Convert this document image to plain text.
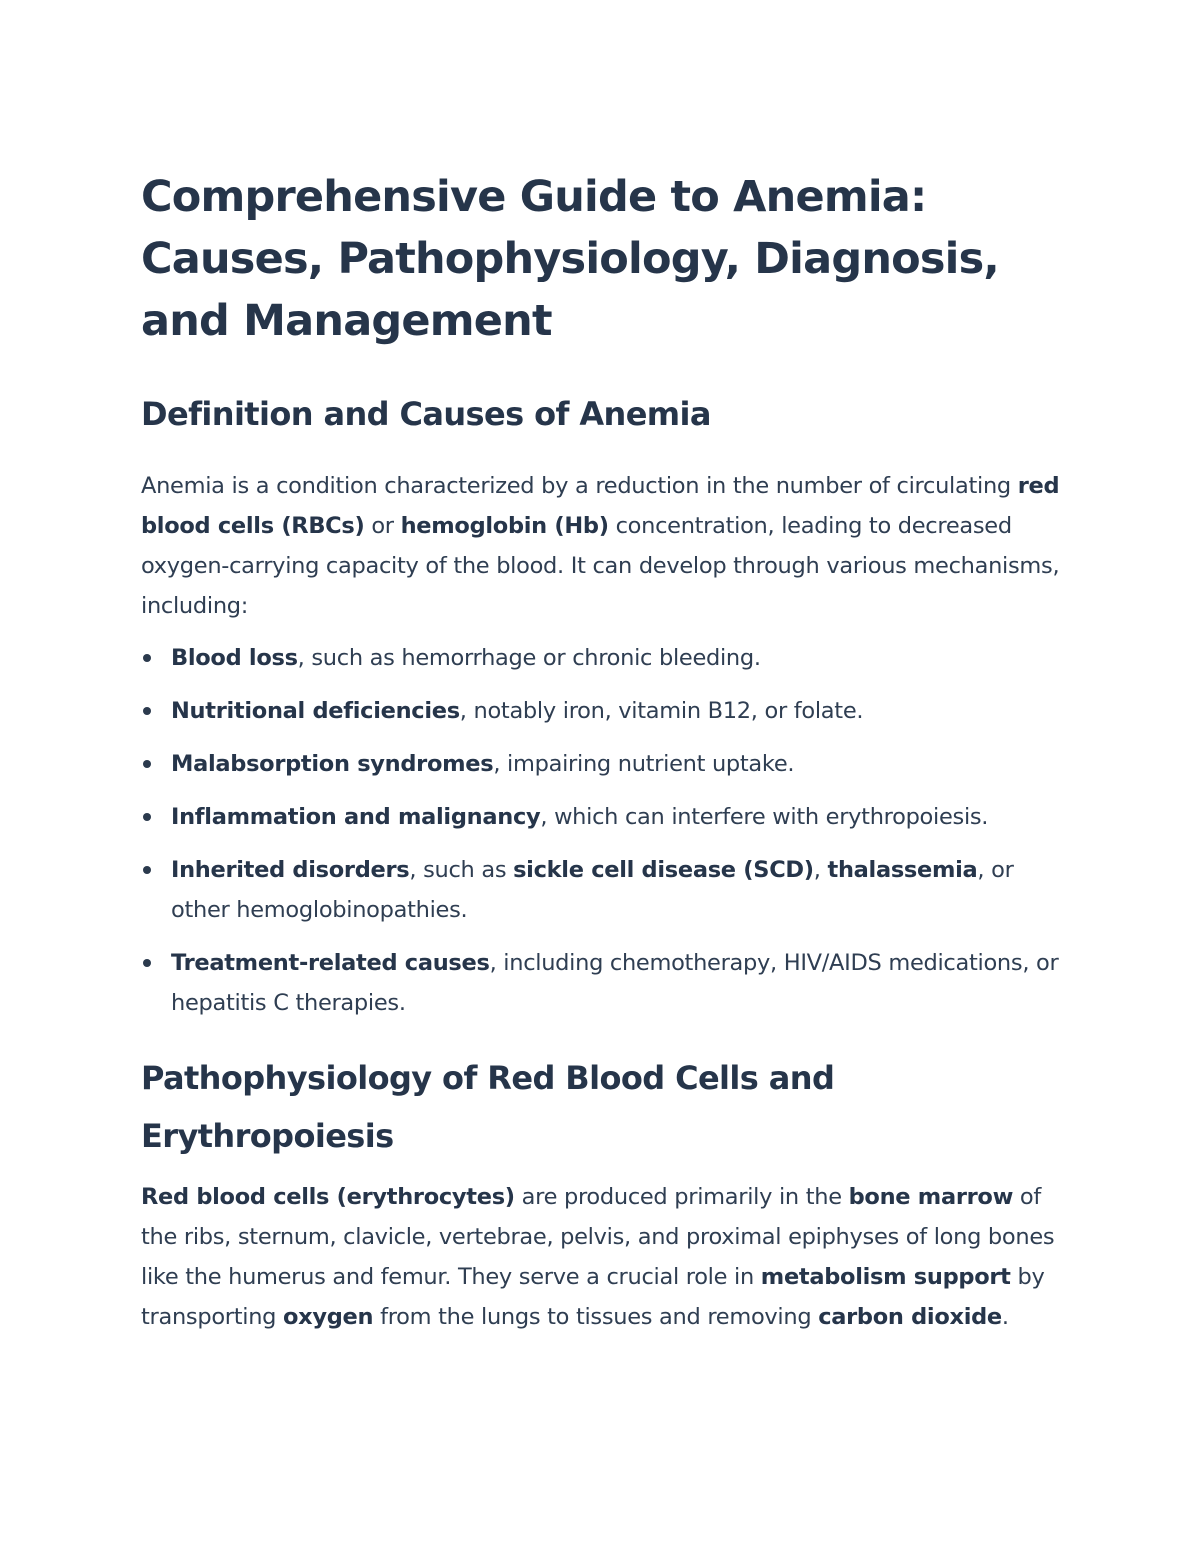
Comprehensive Guide to Anemia: Causes, Pathophysiology, Diagnosis, and Management
Definition and Causes of Anemia

Anemia is a condition characterized by a reduction in the number of circulating red blood cells (RBCs) or hemoglobin (Hb) concentration, leading to decreased oxygen-carrying capacity of the blood. It can develop through various mechanisms, including:

Blood loss, such as hemorrhage or chronic bleeding.
Nutritional deficiencies, notably iron, vitamin B12, or folate.
Malabsorption syndromes, impairing nutrient uptake.
Inflammation and malignancy, which can interfere with erythropoiesis.
Inherited disorders, such as sickle cell disease (SCD), thalassemia, or other hemoglobinopathies.
Treatment-related causes, including chemotherapy, HIV/AIDS medications, or hepatitis C therapies.
Pathophysiology of Red Blood Cells and Erythropoiesis

Red blood cells (erythrocytes) are produced primarily in the bone marrow of the ribs, sternum, clavicle, vertebrae, pelvis, and proximal epiphyses of long bones like the humerus and femur. They serve a crucial role in metabolism support by transporting oxygen from the lungs to tissues and removing carbon dioxide.
